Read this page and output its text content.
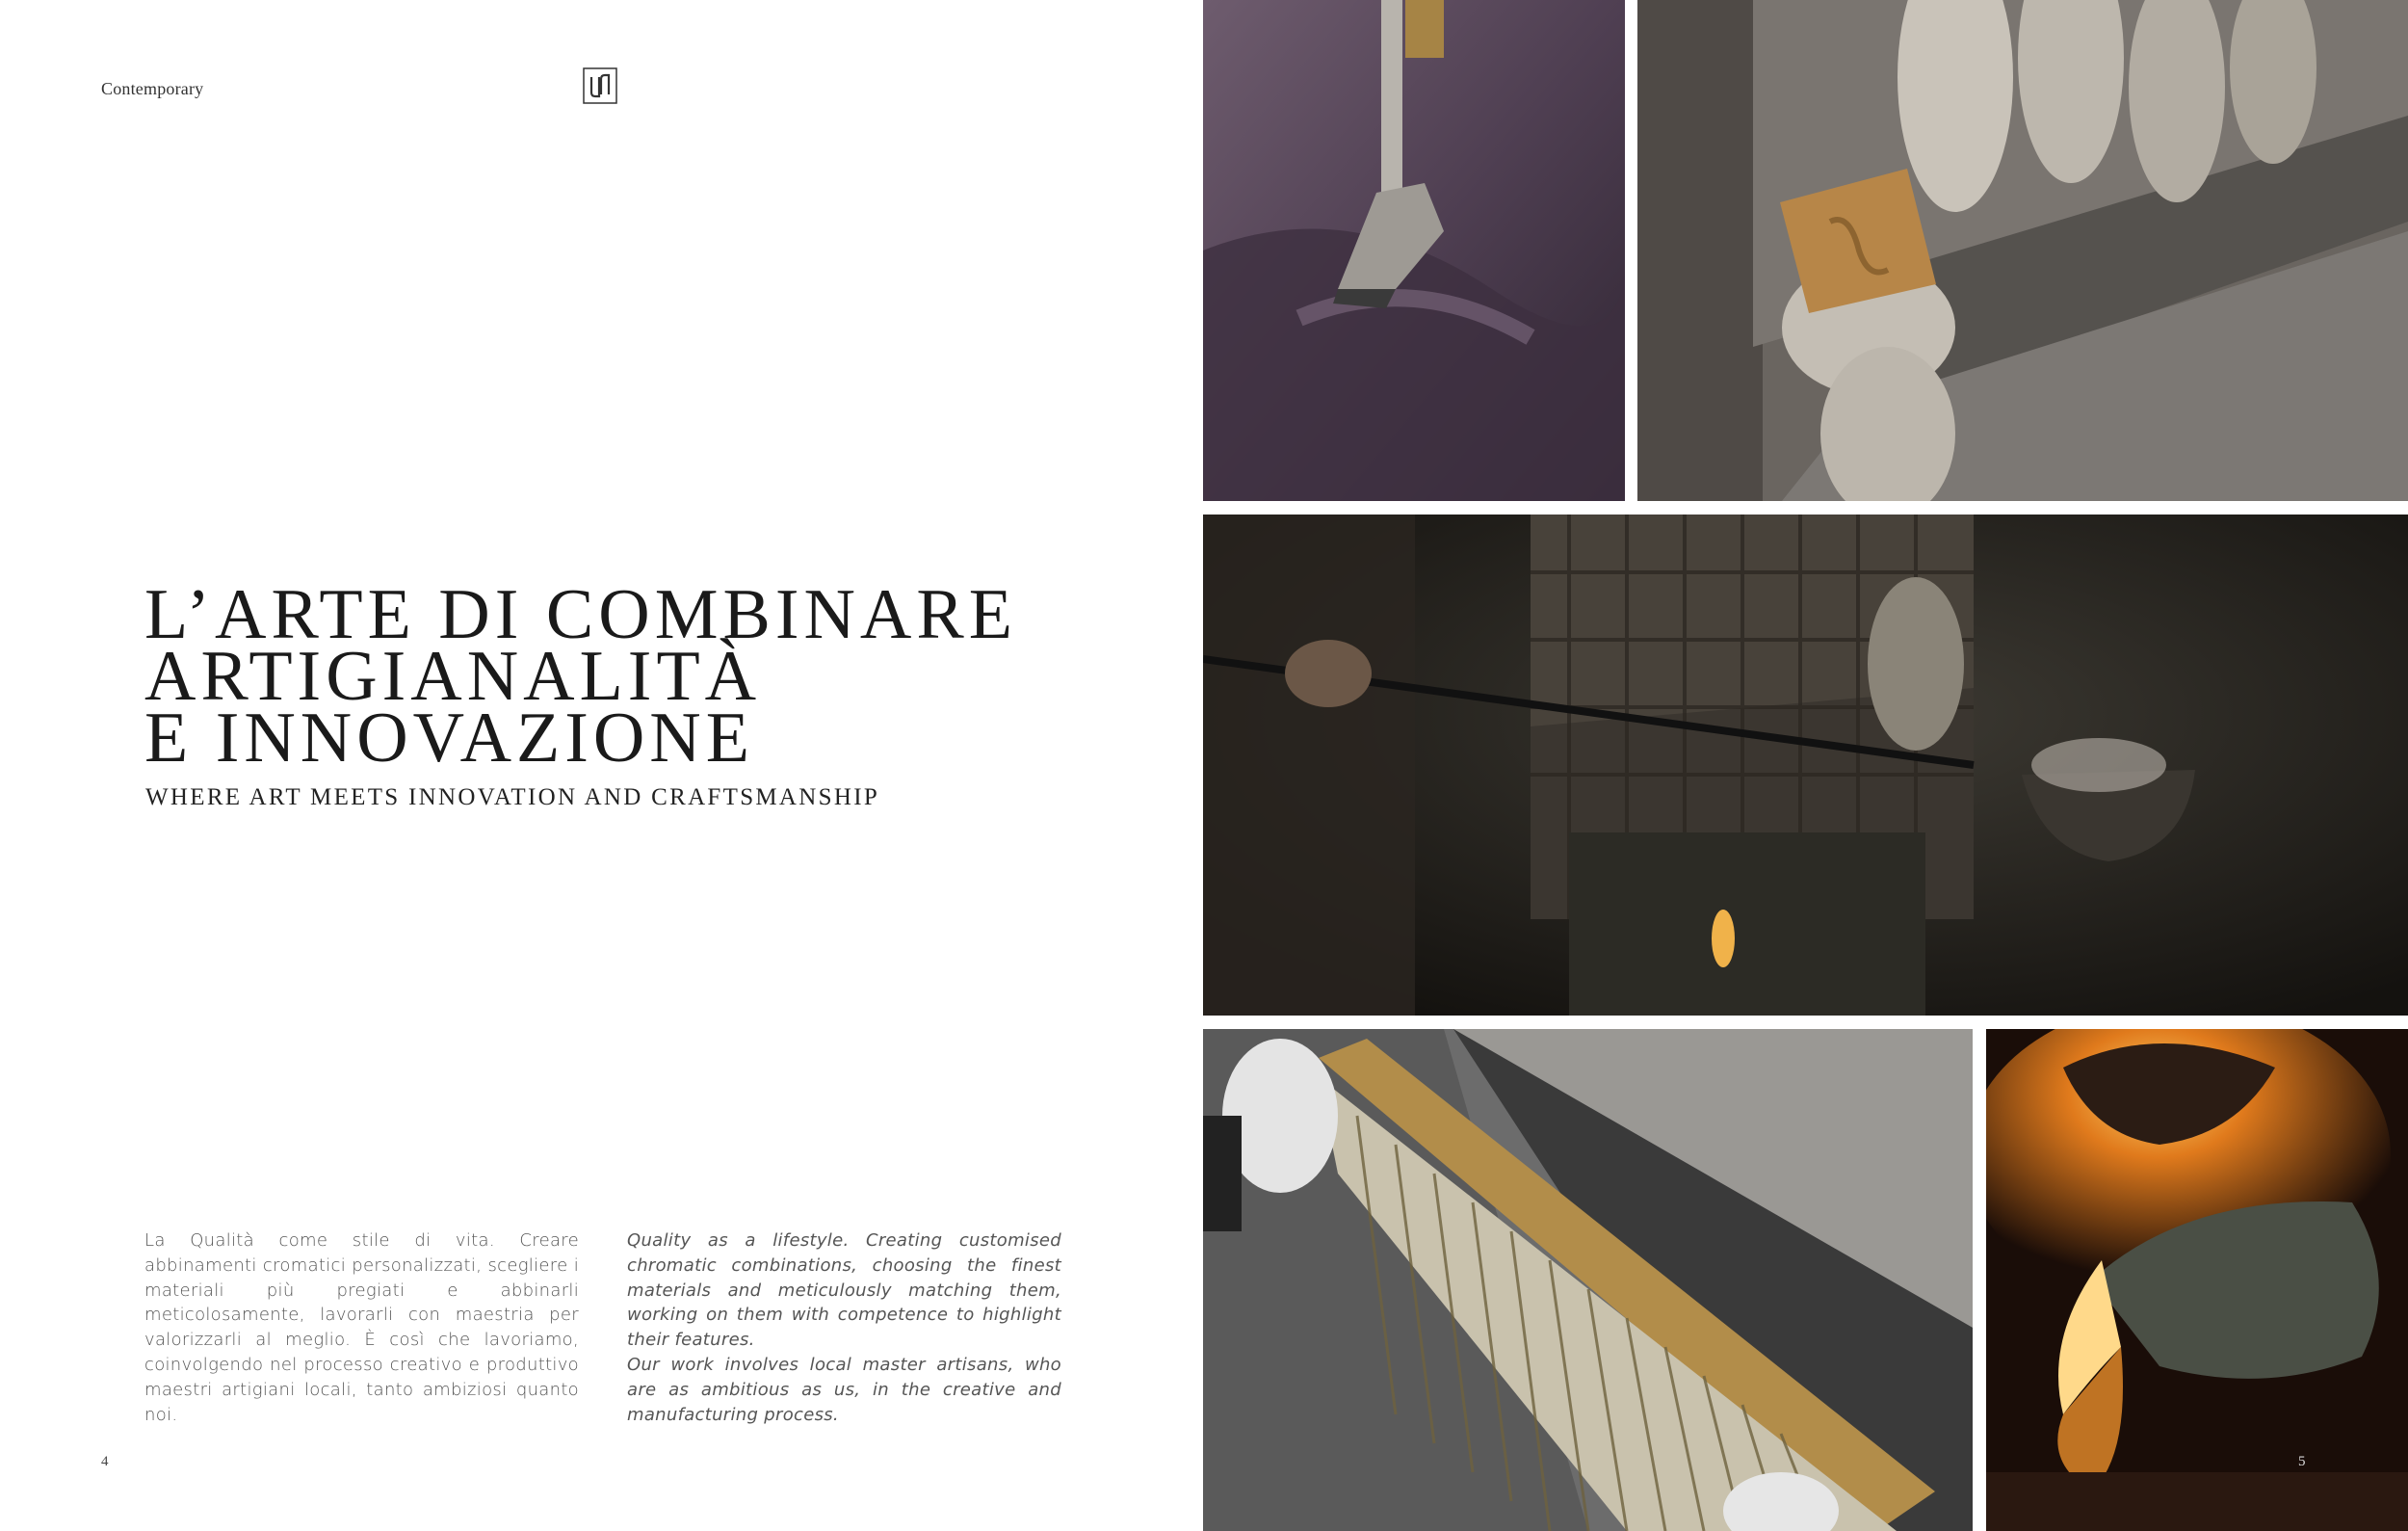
Contemporary
L’ARTE DI COMBINARE
ARTIGIANALITÀ
E INNOVAZIONE
WHERE ART MEETS INNOVATION AND CRAFTSMANSHIP

La Qualità come stile di vita. Creare abbinamenti cromatici personalizzati, scegliere i materiali più pregiati e abbinarli meticolosamente, lavorarli con maestria per valorizzarli al meglio. È così che lavoriamo, coinvolgendo nel processo creativo e produttivo maestri artigiani locali, tanto ambiziosi quanto noi.

Quality as a lifestyle. Creating customised chromatic combinations, choosing the finest materials and meticulously matching them, working on them with competence to highlight their features.

Our work involves local master artisans, who are as ambitious as us, in the creative and manufacturing process.

4	5
